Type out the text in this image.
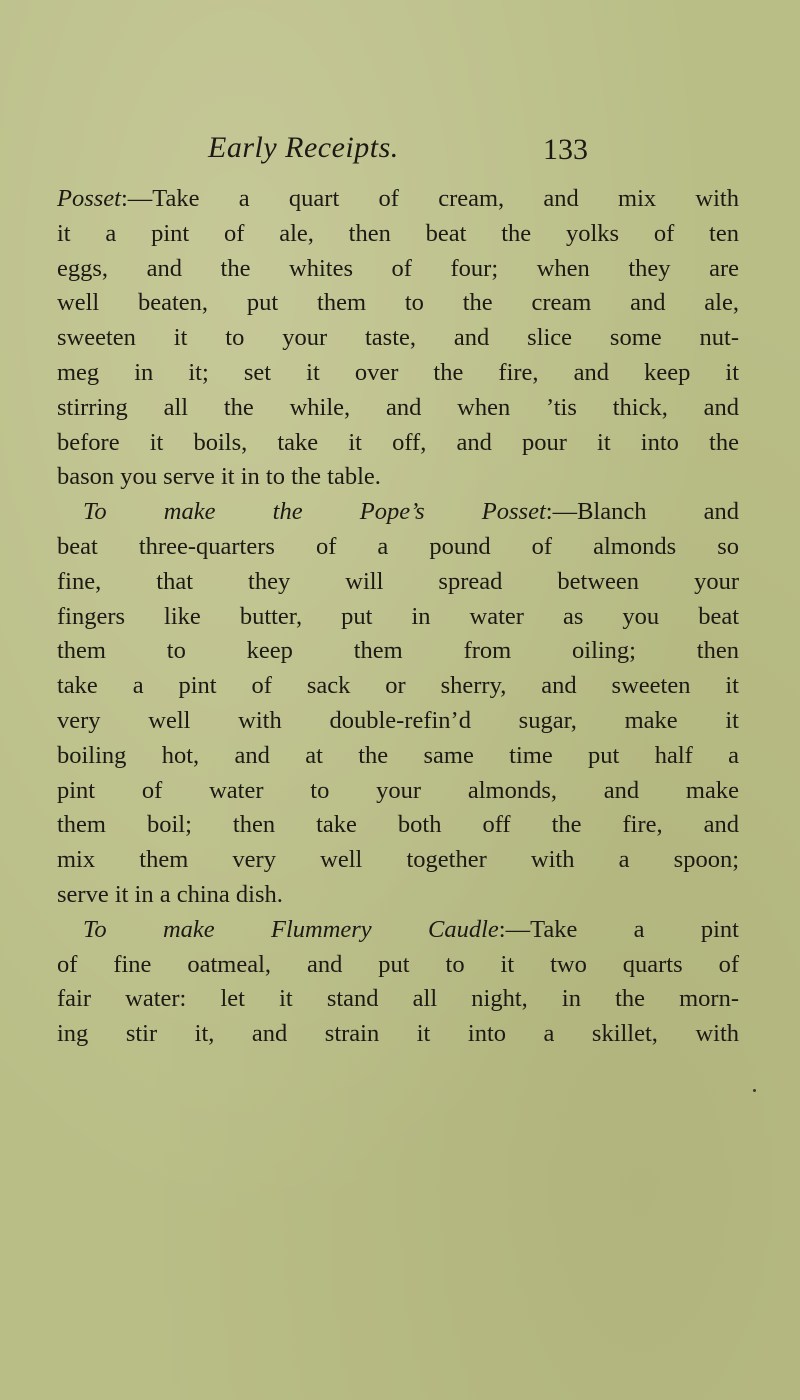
Early Receipts.	133
Posset:—Take a quart of cream, and mix with
it a pint of ale, then beat the yolks of ten
eggs, and the whites of four; when they are
well beaten, put them to the cream and ale,
sweeten it to your taste, and slice some nut-
meg in it; set it over the fire, and keep it
stirring all the while, and when ’tis thick, and
before it boils, take it off, and pour it into the
bason you serve it in to the table.
To make the Pope’s Posset:—Blanch and
beat three-quarters of a pound of almonds so
fine, that they will spread between your
fingers like butter, put in water as you beat
them to keep them from oiling; then
take a pint of sack or sherry, and sweeten it
very well with double-refin’d sugar, make it
boiling hot, and at the same time put half a
pint of water to your almonds, and make
them boil; then take both off the fire, and
mix them very well together with a spoon;
serve it in a china dish.
To make Flummery Caudle:—Take a pint
of fine oatmeal, and put to it two quarts of
fair water: let it stand all night, in the morn-
ing stir it, and strain it into a skillet, with
